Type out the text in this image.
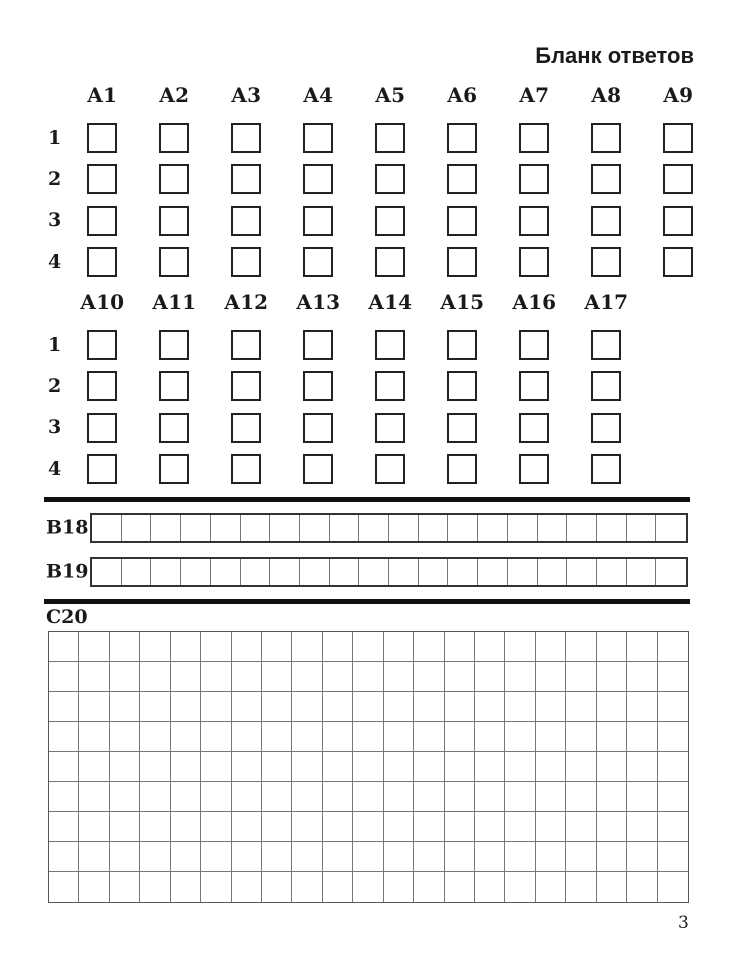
Бланк ответов
А1 А2 А3 А4 А5 А6 А7 А8 А9
1
2
3
4
А10 А11 А12 А13 А14 А15 А16 А17
1
2
3
4
В18
В19
С20
3
